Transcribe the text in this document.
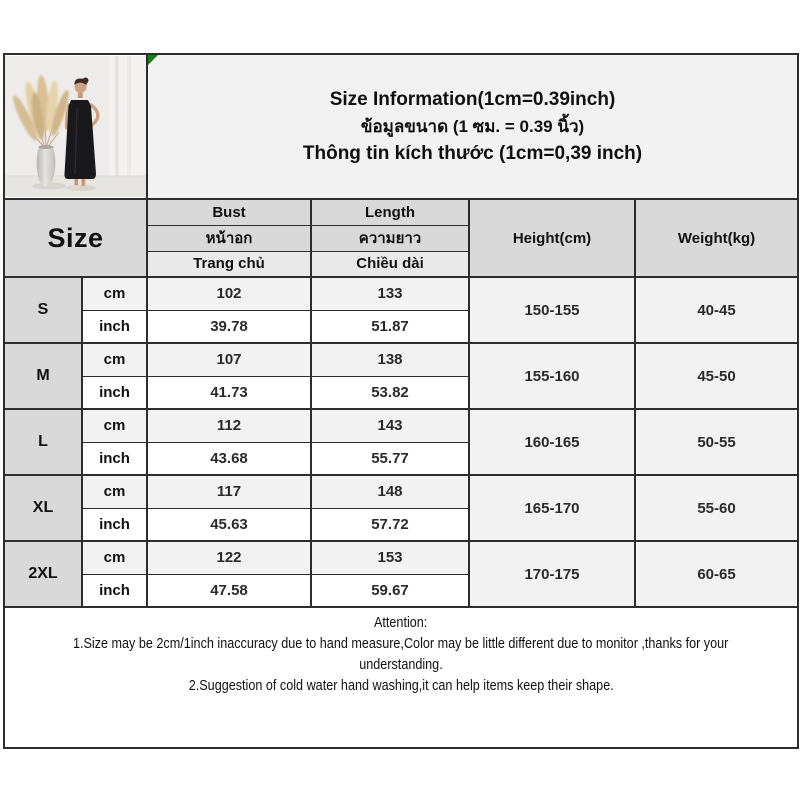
Size Information(1cm=0.39inch)
ข้อมูลขนาด (1 ซม. = 0.39 นิ้ว)
Thông tin kích thước (1cm=0,39 inch)			

Size		Bust	Length	Height(cm)	Weight(kg)
		หน้าอก	ความยาว		
		Trang chủ	Chiều dài		
S	cm	102	133	150-155	40-45
	inch	39.78	51.87		
M	cm	107	138	155-160	45-50
	inch	41.73	53.82		
L	cm	112	143	160-165	50-55
	inch	43.68	55.77		
XL	cm	117	148	165-170	55-60
	inch	45.63	57.72		
2XL	cm	122	153	170-175	60-65
	inch	47.58	59.67		

Attention:
1.Size may be 2cm/1inch inaccuracy due to hand measure,Color may be little different due to monitor ,thanks for your
understanding.
2.Suggestion of cold water hand washing,it can help items keep their shape.					
